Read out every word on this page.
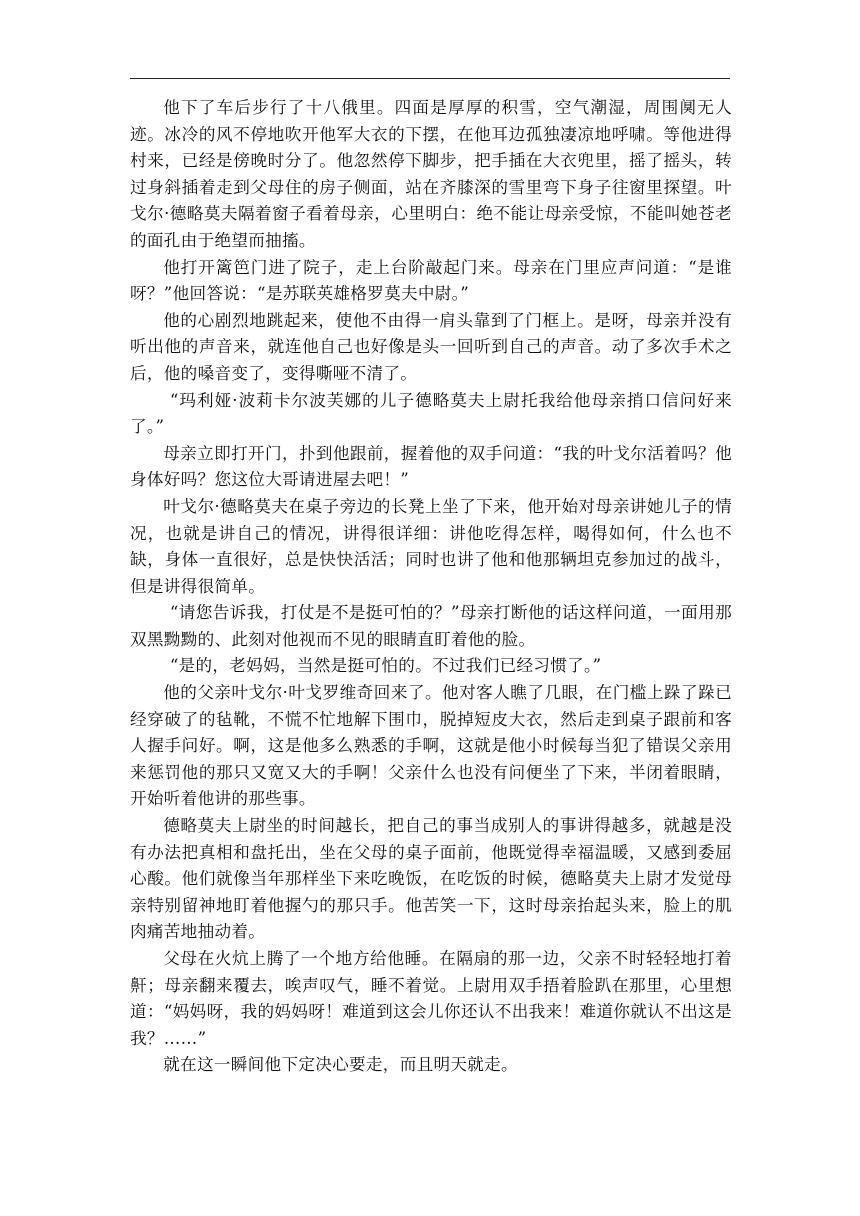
他下了车后步行了十八俄里。四面是厚厚的积雪，空气潮湿，周围阒无人迹。冰冷的风不停地吹开他军大衣的下摆，在他耳边孤独凄凉地呼啸。等他进得村来，已经是傍晚时分了。他忽然停下脚步，把手插在大衣兜里，摇了摇头，转过身斜插着走到父母住的房子侧面，站在齐膝深的雪里弯下身子往窗里探望。叶戈尔·德略莫夫隔着窗子看着母亲，心里明白：绝不能让母亲受惊，不能叫她苍老的面孔由于绝望而抽搐。

他打开篱笆门进了院子，走上台阶敲起门来。母亲在门里应声问道：“是谁呀？”他回答说：“是苏联英雄格罗莫夫中尉。”

他的心剧烈地跳起来，使他不由得一肩头靠到了门框上。是呀，母亲并没有听出他的声音来，就连他自己也好像是头一回听到自己的声音。动了多次手术之后，他的嗓音变了，变得嘶哑不清了。

“玛利娅·波莉卡尔波芙娜的儿子德略莫夫上尉托我给他母亲捎口信问好来了。”

母亲立即打开门，扑到他跟前，握着他的双手问道：“我的叶戈尔活着吗？他身体好吗？您这位大哥请进屋去吧！”

叶戈尔·德略莫夫在桌子旁边的长凳上坐了下来，他开始对母亲讲她儿子的情况，也就是讲自己的情况，讲得很详细：讲他吃得怎样，喝得如何，什么也不缺，身体一直很好，总是快快活活；同时也讲了他和他那辆坦克参加过的战斗，但是讲得很简单。

“请您告诉我，打仗是不是挺可怕的？”母亲打断他的话这样问道，一面用那双黑黝黝的、此刻对他视而不见的眼睛直盯着他的脸。

“是的，老妈妈，当然是挺可怕的。不过我们已经习惯了。”

他的父亲叶戈尔·叶戈罗维奇回来了。他对客人瞧了几眼，在门槛上跺了跺已经穿破了的毡靴，不慌不忙地解下围巾，脱掉短皮大衣，然后走到桌子跟前和客人握手问好。啊，这是他多么熟悉的手啊，这就是他小时候每当犯了错误父亲用来惩罚他的那只又宽又大的手啊！父亲什么也没有问便坐了下来，半闭着眼睛，开始听着他讲的那些事。

德略莫夫上尉坐的时间越长，把自己的事当成别人的事讲得越多，就越是没有办法把真相和盘托出，坐在父母的桌子面前，他既觉得幸福温暖，又感到委屈心酸。他们就像当年那样坐下来吃晚饭，在吃饭的时候，德略莫夫上尉才发觉母亲特别留神地盯着他握勺的那只手。他苦笑一下，这时母亲抬起头来，脸上的肌肉痛苦地抽动着。

父母在火炕上腾了一个地方给他睡。在隔扇的那一边，父亲不时轻轻地打着鼾；母亲翻来覆去，唉声叹气，睡不着觉。上尉用双手捂着脸趴在那里，心里想道：“妈妈呀，我的妈妈呀！难道到这会儿你还认不出我来！难道你就认不出这是我？……”

就在这一瞬间他下定决心要走，而且明天就走。
